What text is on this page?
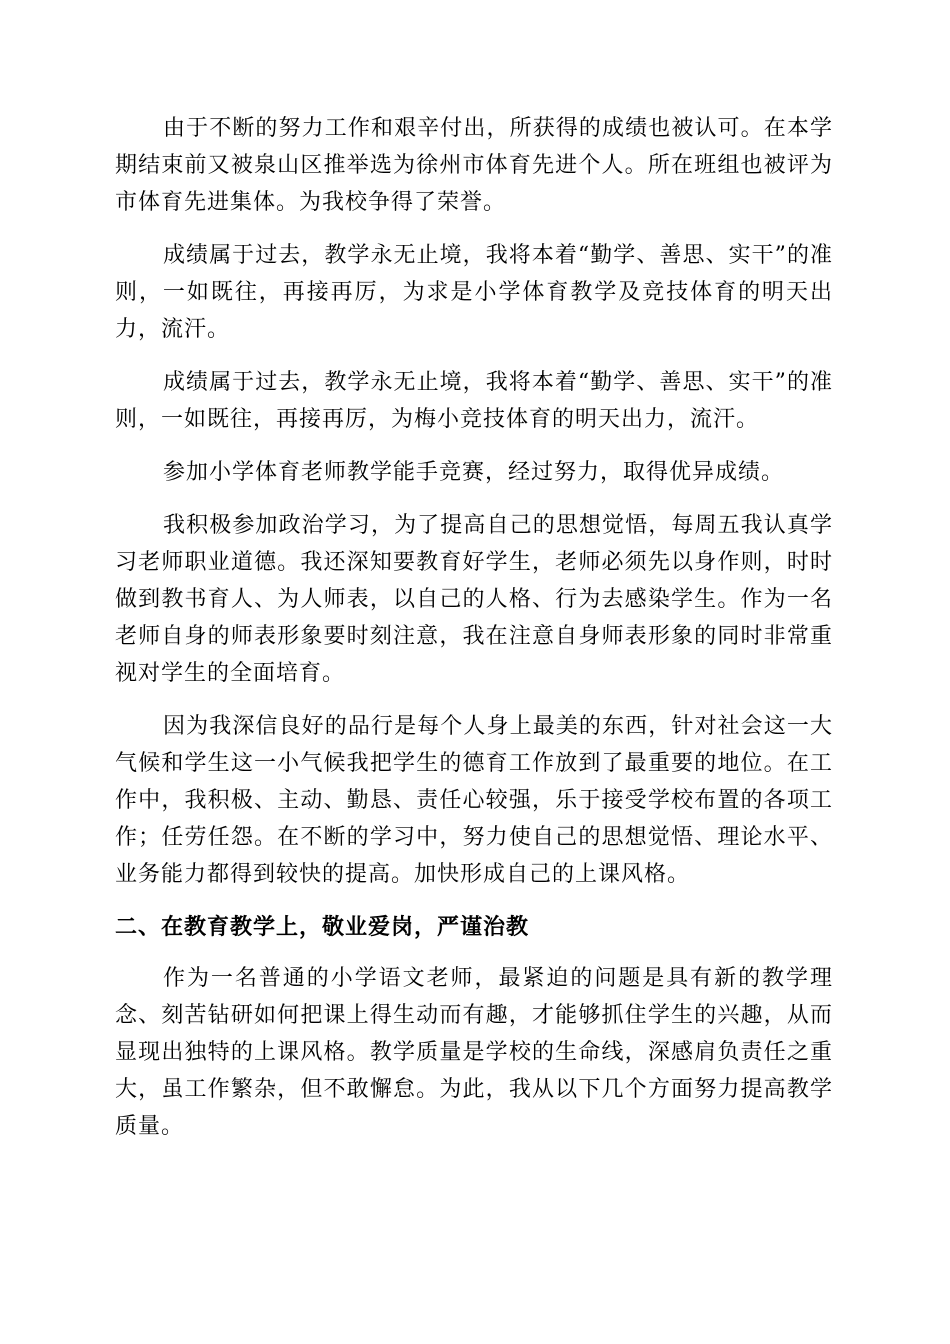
由于不断的努力工作和艰辛付出，所获得的成绩也被认可。在本学期结束前又被泉山区推举选为徐州市体育先进个人。所在班组也被评为市体育先进集体。为我校争得了荣誉。

成绩属于过去，教学永无止境，我将本着“勤学、善思、实干”的准则，一如既往，再接再厉，为求是小学体育教学及竞技体育的明天出力，流汗。

成绩属于过去，教学永无止境，我将本着“勤学、善思、实干”的准则，一如既往，再接再厉，为梅小竞技体育的明天出力，流汗。

参加小学体育老师教学能手竞赛，经过努力，取得优异成绩。

我积极参加政治学习，为了提高自己的思想觉悟，每周五我认真学习老师职业道德。我还深知要教育好学生，老师必须先以身作则，时时做到教书育人、为人师表，以自己的人格、行为去感染学生。作为一名老师自身的师表形象要时刻注意，我在注意自身师表形象的同时非常重视对学生的全面培育。

因为我深信良好的品行是每个人身上最美的东西，针对社会这一大气候和学生这一小气候我把学生的德育工作放到了最重要的地位。在工作中，我积极、主动、勤恳、责任心较强，乐于接受学校布置的各项工作；任劳任怨。在不断的学习中，努力使自己的思想觉悟、理论水平、业务能力都得到较快的提高。加快形成自己的上课风格。

二、在教育教学上，敬业爱岗，严谨治教

作为一名普通的小学语文老师，最紧迫的问题是具有新的教学理念、刻苦钻研如何把课上得生动而有趣，才能够抓住学生的兴趣，从而显现出独特的上课风格。教学质量是学校的生命线，深感肩负责任之重大，虽工作繁杂，但不敢懈怠。为此，我从以下几个方面努力提高教学质量。
